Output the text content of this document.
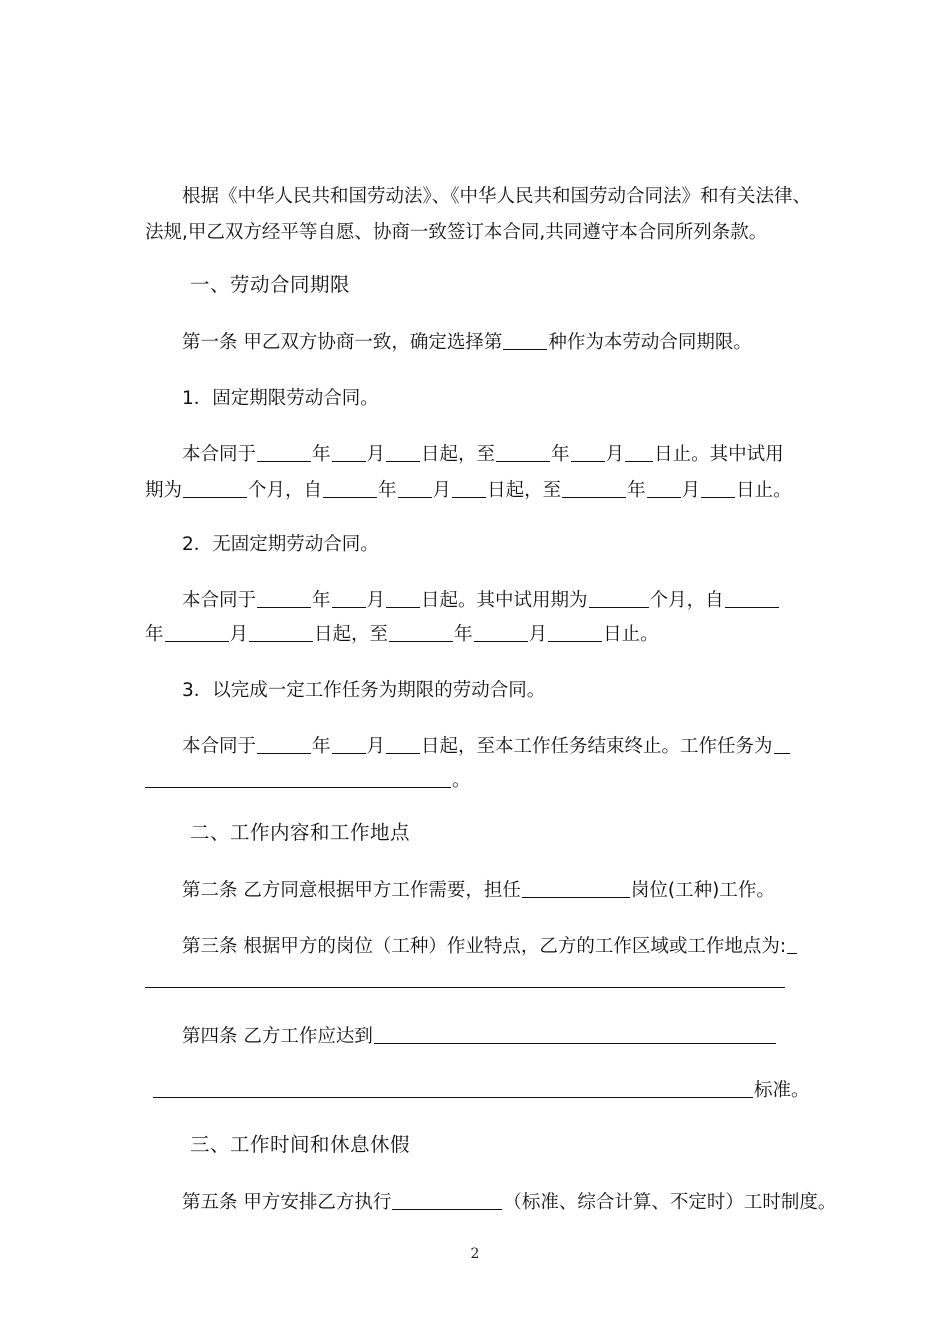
根据《中华人民共和国劳动法》、《中华人民共和国劳动合同法》和有关法律、
法规,甲乙双方经平等自愿、协商一致签订本合同,共同遵守本合同所列条款。
一、劳动合同期限
第一条 甲乙双方协商一致，确定选择第 种作为本劳动合同期限。
1．固定期限劳动合同。
本合同于	年 月 日起，至	年 月 日止。其中试用
期为	个月，自	年 月 日起，至	年 月 日止。
2．无固定期劳动合同。
本合同于	年 月 日起。其中试用期为	个月，自
年	月	日起，至	年	月	日止。
3．以完成一定工作任务为期限的劳动合同。
本合同于	年 月 日起，至本工作任务结束终止。工作任务为
。
二、工作内容和工作地点
第二条 乙方同意根据甲方工作需要，担任	岗位(工种)工作。
第三条 根据甲方的岗位（工种）作业特点，乙方的工作区域或工作地点为:
第四条 乙方工作应达到
标准。
三、工作时间和休息休假
第五条 甲方安排乙方执行	（标准、综合计算、不定时）工时制度。
2
